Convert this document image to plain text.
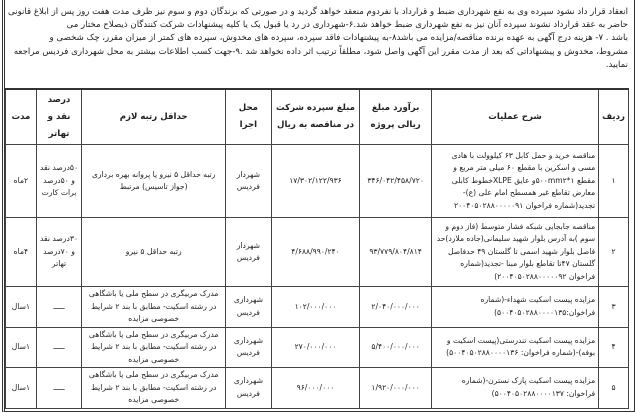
انعقاد قرار داد نشود سپرده وی به نفع شهرداری ضبط و قرارداد با نفردوم منعقد خواهد گردید و در صورتی که برندگان دوم و سوم نیز ظرف مدت هفت روز پس از ابلاغ قانونی

حاضر به عقد قرارداد نشوند سپرده آنان نیز به نفع شهرداری ضبط خواهد شد.۶-شهرداری در رد یا قبول یک یا کلیه پیشنهادات شرکت کنندگان ذیصلاح مختار می

باشد . ۷- هزینه درج آگهی به عهده برنده مناقصه/مزایده می باشد۸-به پیشنهادات فاقد سپرده، سپرده های مخدوش، سپرده های کمتر از میزان مقرر، چک شخصی و

مشروط، مخدوش و پیشنهاداتی که بعد از مدت مقرر این آگهی واصل شود، مطلقاً ترتیب اثر داده نخواهد شد .۹-جهت کسب اطلاعات بیشتر به محل شهرداری فردیس مراجعه

نمایید.

ردیف	شرح عملیات	برآورد مبلغ ریالی پروژه	مبلغ سپرده شرکت در مناقصه به ریال	محل اجرا	حداقل رتبه لازم	درصد نقد و تهاتر	مدت
۱	مناقصه خرید و حمل کابل ۶۳ کیلوولت با هادی مسی و اسکرین با مقطع ۶۰ میلی متر مربع و مقطع ۵۰۰mm۲*۱و عایق XLPEخطوط کابلی معارض تقاطع غیر همسطح امام علی (ع)-تجدید(شماره فراخوان ۲۰۰۴۰۵۰۲۸۸۰۰۰۰۰۹۱	۳۴۶/۰۴۲/۴۵۸/۷۲۰	۱۷/۳۰۲/۱۲۲/۹۳۶	شهردار فردیس	رتبه حداقل ۵ نیرو یا پروانه بهره برداری (جواز تاسیس) مرتبط	۵۰درصد نقد و ۵۰درصد برات کارت	۲ماه
۲	مناقصه جابجایی شبکه فشار متوسط (فاز دوم و سوم )به آدرس بلوار شهید سلیمانی(جاده ملارد)حد فاصل بلوار شهید اسمی تا گلستان ۴۹ حدفاصل گلستان ۴۷تا تقاطع بلوار مبنا -تجدید(شماره فراخوان ۲۰۰۴۰۵۰۲۸۸۰۰۰۰۰۹۲)	۹۳/۷۷۹/۸۰۴/۸۱۴	۴/۶۸۸/۹۹۰/۲۴۰	شهردار فردیس	رتبه حداقل ۵ نیرو	۳۰درصد نقد و ۷۰درصد تهاتر	۴ماه
۳	مزایده پیست اسکیت شهداء-(شماره فراخوان:۵۰۰۴۰۵۰۲۸۸۰۰۰۰۱۳۵)	۲/۰۴۰/۰۰۰/۰۰۰	۱۰۲/۰۰۰/۰۰۰	شهرداری فردیس	مدرک مربیگری در سطح ملی یا باشگاهی در رشته اسکیت- مطابق با بند ۲ شرایط خصوصی مزایده	ـــــ	۱سال
۴	مزایده پیست اسکیت تندرستی(پیست اسکیت و بوفه)-(شماره فراخوان: ۵۰۰۴۰۵۰۲۸۸۰۰۰۰۱۳۶)	۵/۴۰۰/۰۰۰/۰۰۰	۲۷۰/۰۰۰/۰۰۰	شهرداری فردیس	مدرک مربیگری در سطح ملی یا باشگاهی در رشته اسکیت- مطابق با بند ۲ شرایط خصوصی مزایده	ـــــ	۱سال
۵	مزایده پیست اسکیت پارک نسترن-(شماره فراخوان: ۵۰۰۴۰۵۰۲۸۸۰۰۰۰۱۳۷)	۱/۹۲۰/۰۰۰/۰۰۰	۹۶/۰۰۰/۰۰۰	شهرداری فردیس	مدرک مربیگری در سطح ملی یا باشگاهی در رشته اسکیت- مطابق با بند ۲ شرایط خصوصی مزایده	ـــــ	۱سال
